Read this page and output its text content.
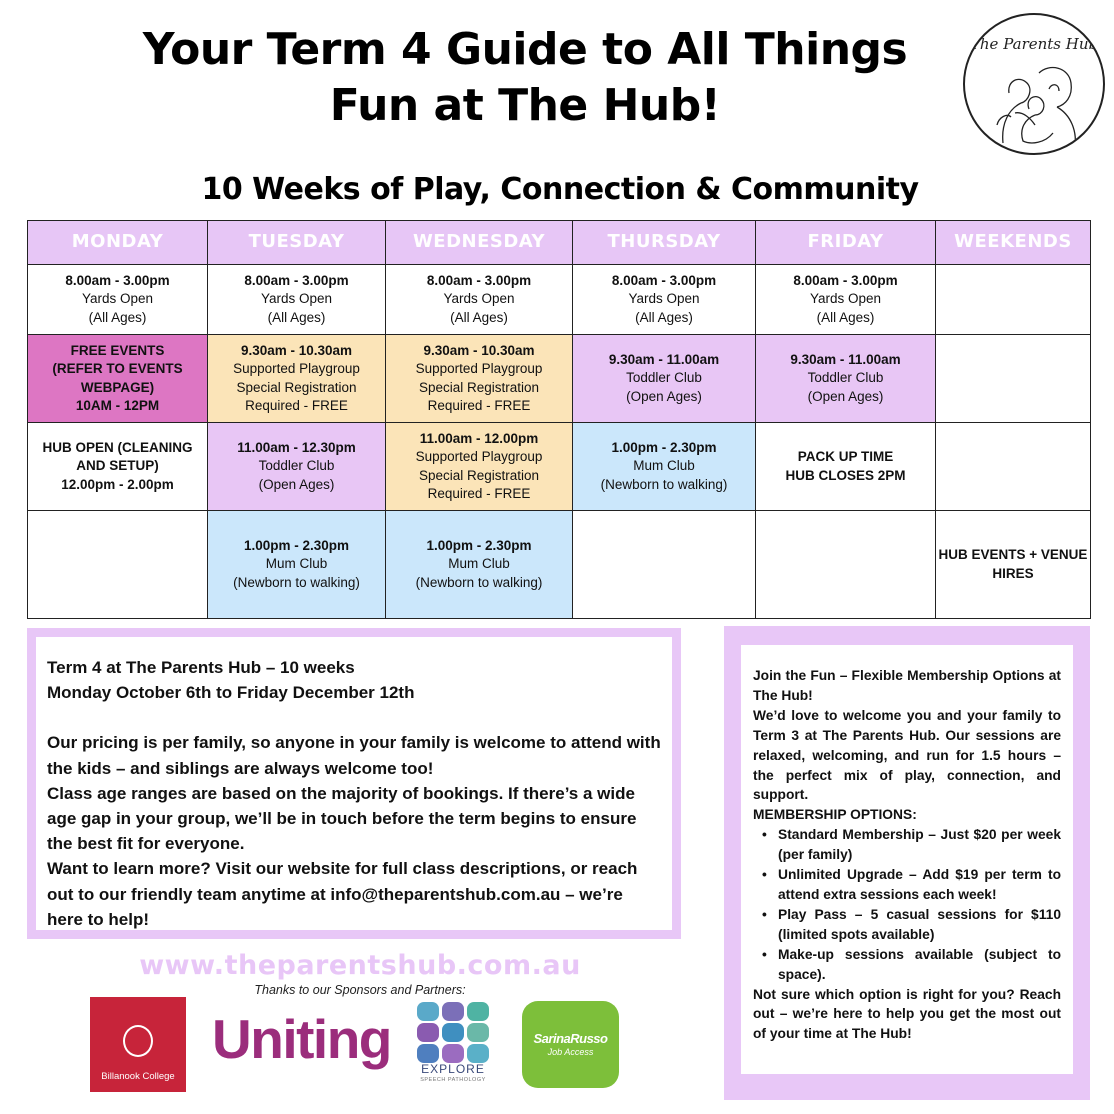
Your Term 4 Guide to All Things
Fun at The Hub!
10 Weeks of Play, Connection & Community
The Parents Hub
MONDAY	TUESDAY	WEDNESDAY	THURSDAY	FRIDAY	WEEKENDS

8.00am - 3.00pm
Yards Open
(All Ages)	8.00am - 3.00pm
Yards Open
(All Ages)	8.00am - 3.00pm
Yards Open
(All Ages)	8.00am - 3.00pm
Yards Open
(All Ages)	8.00am - 3.00pm
Yards Open
(All Ages)	

FREE EVENTS
(REFER TO EVENTS
WEBPAGE)
10AM - 12PM	9.30am - 10.30am
Supported Playgroup
Special Registration
Required - FREE	9.30am - 10.30am
Supported Playgroup
Special Registration
Required - FREE	9.30am - 11.00am
Toddler Club
(Open Ages)	9.30am - 11.00am
Toddler Club
(Open Ages)	

HUB OPEN (CLEANING
AND SETUP)
12.00pm - 2.00pm	11.00am - 12.30pm
Toddler Club
(Open Ages)	11.00am - 12.00pm
Supported Playgroup
Special Registration
Required - FREE	1.00pm - 2.30pm
Mum Club
(Newborn to walking)	PACK UP TIME
HUB CLOSES 2PM	

	1.00pm - 2.30pm
Mum Club
(Newborn to walking)	1.00pm - 2.30pm
Mum Club
(Newborn to walking)			HUB EVENTS + VENUE
HIRES

Term 4 at The Parents Hub – 10 weeks

Monday October 6th to Friday December 12th

Our pricing is per family, so anyone in your family is welcome to attend with the kids – and siblings are always welcome too!

Class age ranges are based on the majority of bookings. If there’s a wide age gap in your group, we’ll be in touch before the term begins to ensure the best fit for everyone.

Want to learn more? Visit our website for full class descriptions, or reach out to our friendly team anytime at info@theparentshub.com.au – we’re here to help!

Join the Fun – Flexible Membership Options at The Hub!

We’d love to welcome you and your family to Term 3 at The Parents Hub. Our sessions are relaxed, welcoming, and run for 1.5 hours – the perfect mix of play, connection, and support.

MEMBERSHIP OPTIONS:

• Standard Membership – Just $20 per week (per family)
• Unlimited Upgrade – Add $19 per term to attend extra sessions each week!
• Play Pass – 5 casual sessions for $110 (limited spots available)
• Make-up sessions available (subject to space).

Not sure which option is right for you? Reach out – we’re here to help you get the most out of your time at The Hub!

www.theparentshub.com.au
Thanks to our Sponsors and Partners:
Billanook College
Uniting	EXPLORE
SPEECH PATHOLOGY
SarinaRusso
Job Access
